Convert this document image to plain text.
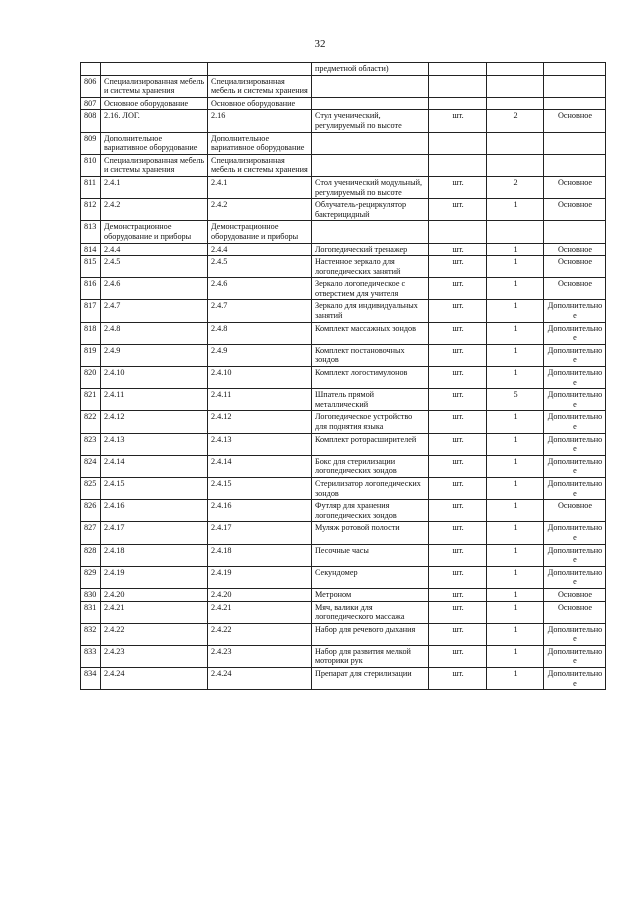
32
			предметной области)			
806	Специализированная мебель и системы хранения	Специализированная мебель и системы хранения				
807	Основное оборудование	Основное оборудование				
808	2.16. ЛОГ.	2.16	Стул ученический, регулируемый по высоте	шт.	2	Основное
809	Дополнительное вариативное оборудование	Дополнительное вариативное оборудование				
810	Специализированная мебель и системы хранения	Специализированная мебель и системы хранения				
811	2.4.1	2.4.1	Стол ученический модульный, регулируемый по высоте	шт.	2	Основное
812	2.4.2	2.4.2	Облучатель-рециркулятор бактерицидный	шт.	1	Основное
813	Демонстрационное оборудование и приборы	Демонстрационное оборудование и приборы				
814	2.4.4	2.4.4	Логопедический тренажер	шт.	1	Основное
815	2.4.5	2.4.5	Настенное зеркало для логопедических занятий	шт.	1	Основное
816	2.4.6	2.4.6	Зеркало логопедическое с отверстием для учителя	шт.	1	Основное
817	2.4.7	2.4.7	Зеркало для индивидуальных занятий	шт.	1	Дополнительное
818	2.4.8	2.4.8	Комплект массажных зондов	шт.	1	Дополнительное
819	2.4.9	2.4.9	Комплект постановочных зондов	шт.	1	Дополнительное
820	2.4.10	2.4.10	Комплект логостимулонов	шт.	1	Дополнительное
821	2.4.11	2.4.11	Шпатель прямой металлический	шт.	5	Дополнительное
822	2.4.12	2.4.12	Логопедическое устройство для поднятия языка	шт.	1	Дополнительное
823	2.4.13	2.4.13	Комплект роторасширителей	шт.	1	Дополнительное
824	2.4.14	2.4.14	Бокс для стерилизации логопедических зондов	шт.	1	Дополнительное
825	2.4.15	2.4.15	Стерилизатор логопедических зондов	шт.	1	Дополнительное
826	2.4.16	2.4.16	Футляр для хранения логопедических зондов	шт.	1	Основное
827	2.4.17	2.4.17	Муляж ротовой полости	шт.	1	Дополнительное
828	2.4.18	2.4.18	Песочные часы	шт.	1	Дополнительное
829	2.4.19	2.4.19	Секундомер	шт.	1	Дополнительное
830	2.4.20	2.4.20	Метроном	шт.	1	Основное
831	2.4.21	2.4.21	Мяч, валики для логопедического массажа	шт.	1	Основное
832	2.4.22	2.4.22	Набор для речевого дыхания	шт.	1	Дополнительное
833	2.4.23	2.4.23	Набор для развития мелкой моторики рук	шт.	1	Дополнительное
834	2.4.24	2.4.24	Препарат для стерилизации	шт.	1	Дополнительное
